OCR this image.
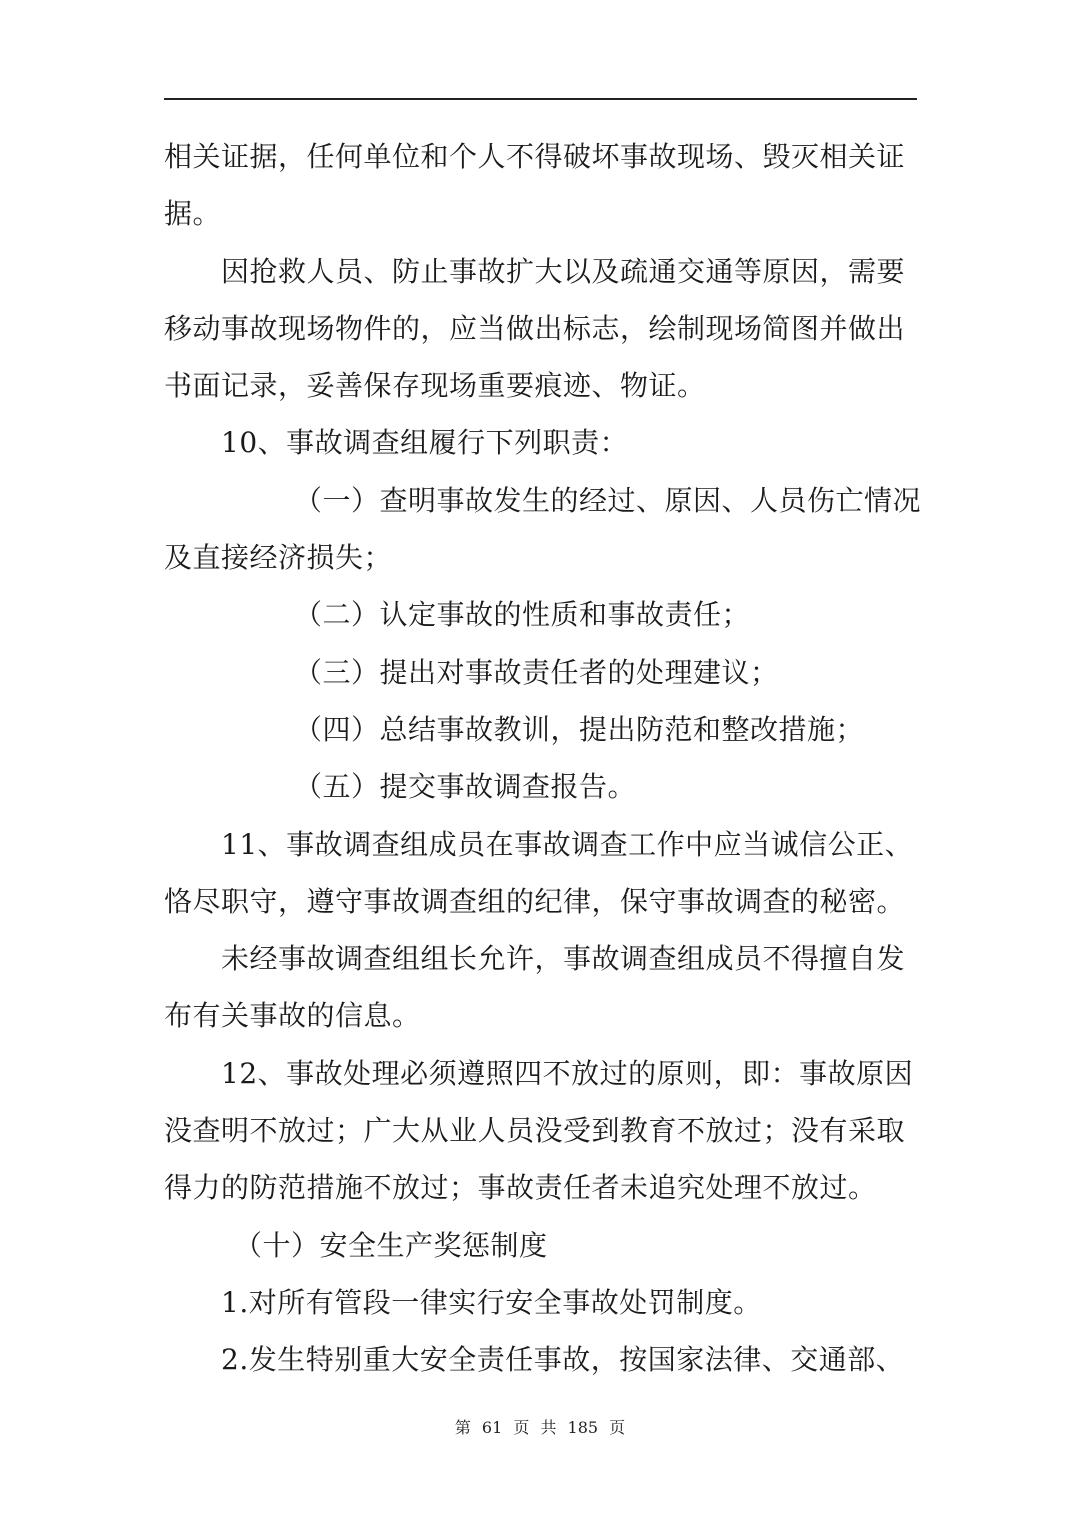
相关证据，任何单位和个人不得破坏事故现场、毁灭相关证

据。

因抢救人员、防止事故扩大以及疏通交通等原因，需要

移动事故现场物件的，应当做出标志，绘制现场简图并做出

书面记录，妥善保存现场重要痕迹、物证。

10、事故调查组履行下列职责：

（一）查明事故发生的经过、原因、人员伤亡情况

及直接经济损失；

（二）认定事故的性质和事故责任；

（三）提出对事故责任者的处理建议；

（四）总结事故教训，提出防范和整改措施；

（五）提交事故调查报告。

11、事故调查组成员在事故调查工作中应当诚信公正、

恪尽职守，遵守事故调查组的纪律，保守事故调查的秘密。

未经事故调查组组长允许，事故调查组成员不得擅自发

布有关事故的信息。

12、事故处理必须遵照四不放过的原则，即：事故原因

没查明不放过；广大从业人员没受到教育不放过；没有采取

得力的防范措施不放过；事故责任者未追究处理不放过。

（十）安全生产奖惩制度

1.对所有管段一律实行安全事故处罚制度。

2.发生特别重大安全责任事故，按国家法律、交通部、

第 61 页 共 185 页
